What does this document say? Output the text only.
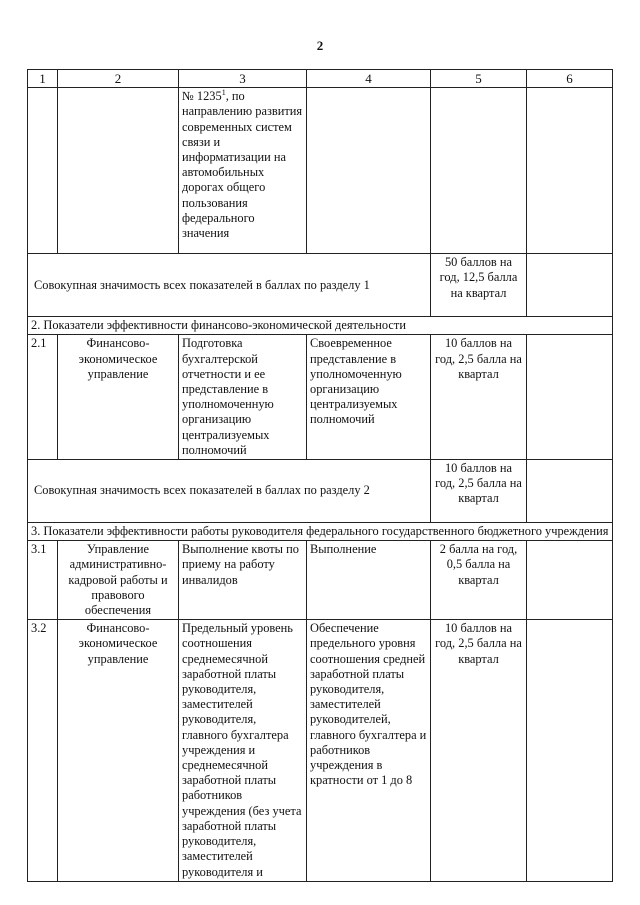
2
1	2	3	4	5	6
		№ 1235$^1$, по направлению развития современных систем связи и информатизации на автомобильных дорогах общего пользования федерального значения			
Совокупная значимость всех показателей в баллах по разделу 1				50 баллов на год, 12,5 балла на квартал	
2. Показатели эффективности финансово-экономической деятельности					
2.1	Финансово-экономическое управление	Подготовка бухгалтерской отчетности и ее представление в уполномоченную организацию централизуемых полномочий	Своевременное представление в уполномоченную организацию централизуемых полномочий	10 баллов на год, 2,5 балла на квартал	
Совокупная значимость всех показателей в баллах по разделу 2				10 баллов на год, 2,5 балла на квартал	
3. Показатели эффективности работы руководителя федерального государственного бюджетного учреждения					
3.1	Управление административно-кадровой работы и правового обеспечения	Выполнение квоты по приему на работу инвалидов	Выполнение	2 балла на год, 0,5 балла на квартал	
3.2	Финансово-экономическое управление	Предельный уровень соотношения среднемесячной заработной платы руководителя, заместителей руководителя, главного бухгалтера учреждения и среднемесячной заработной платы работников учреждения (без учета заработной платы руководителя, заместителей руководителя и	Обеспечение предельного уровня соотношения средней заработной платы руководителя, заместителей руководителей, главного бухгалтера и работников учреждения в кратности от 1 до 8	10 баллов на год, 2,5 балла на квартал	
